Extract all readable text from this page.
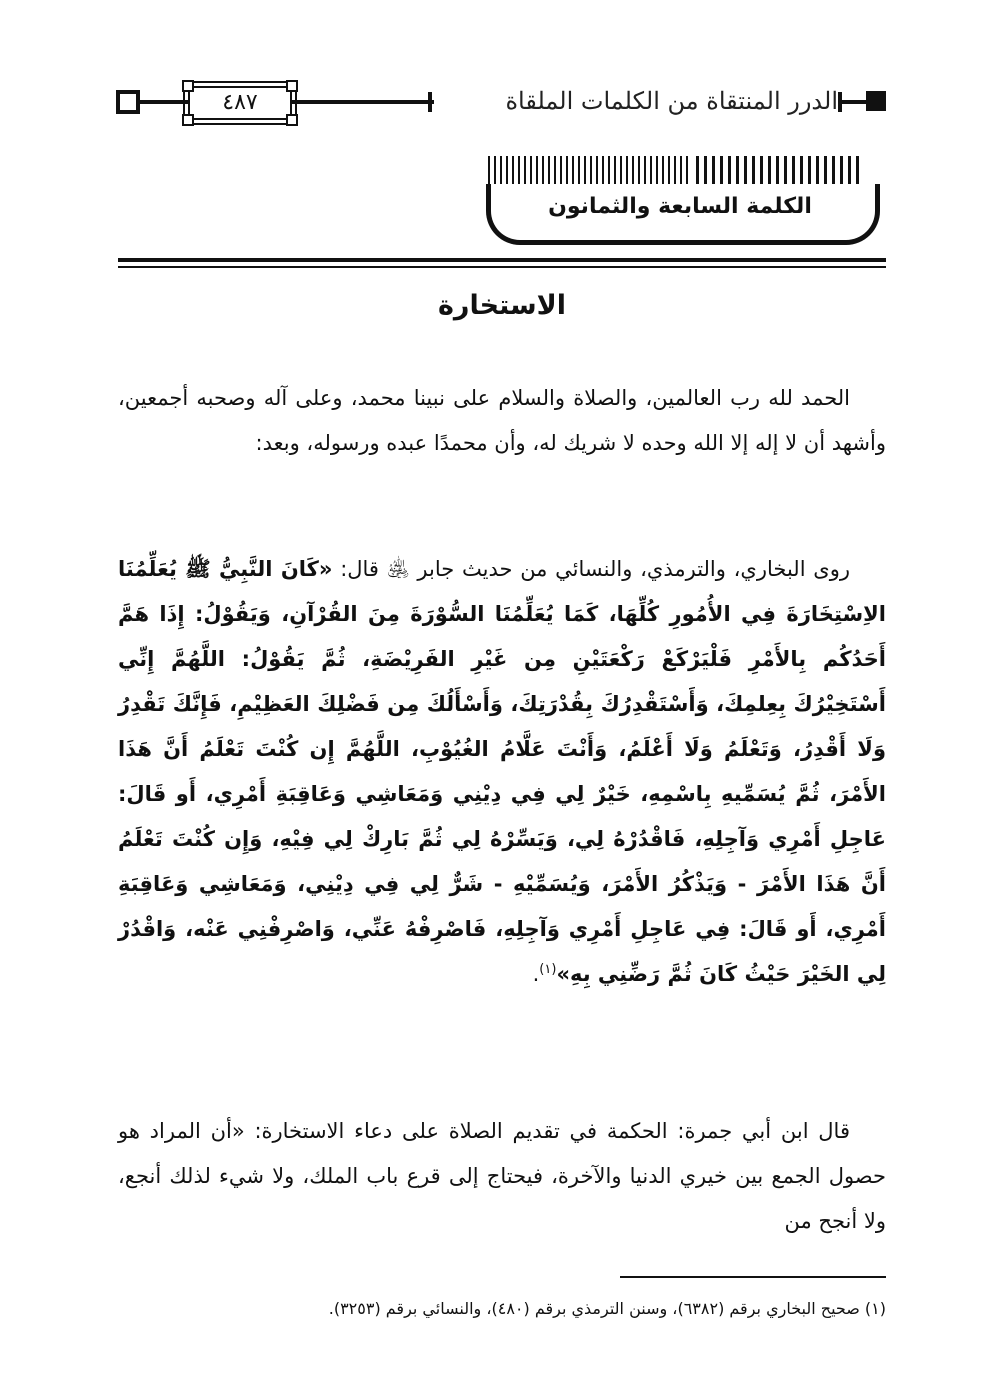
٤٨٧	الدرر المنتقاة من الكلمات الملقاة
الكلمة السابعة والثمانون
الاستخارة

الحمد لله رب العالمين، والصلاة والسلام على نبينا محمد، وعلى آله وصحبه أجمعين، وأشهد أن لا إله إلا الله وحده لا شريك له، وأن محمدًا عبده ورسوله، وبعد:

روى البخاري، والترمذي، والنسائي من حديث جابر ﵁ قال: «كَانَ النَّبِيُّ ﷺ يُعَلِّمُنَا الاِسْتِخَارَةَ فِي الأُمُورِ كُلِّهَا، كَمَا يُعَلِّمُنَا السُّوْرَةَ مِنَ القُرْآنِ، وَيَقُوْلُ: إِذَا هَمَّ أَحَدُكُم بِالأَمْرِ فَلْيَرْكَعْ رَكْعَتَيْنِ مِن غَيْرِ الفَرِيْضَةِ، ثُمَّ يَقُوْلُ: اللَّهُمَّ إِنِّي أَسْتَخِيْرُكَ بِعِلمِكَ، وَأَسْتَقْدِرُكَ بِقُدْرَتِكَ، وَأَسْأَلُكَ مِن فَضْلِكَ العَظِيْمِ، فَإِنَّكَ تَقْدِرُ وَلَا أَقْدِرُ، وَتَعْلَمُ وَلَا أَعْلَمُ، وَأَنْتَ عَلَّامُ الغُيُوْبِ، اللَّهُمَّ إِن كُنْتَ تَعْلَمُ أَنَّ هَذَا الأَمْرَ، ثُمَّ يُسَمِّيهِ بِاسْمِهِ، خَيْرٌ لِي فِي دِيْنِي وَمَعَاشِي وَعَاقِبَةِ أَمْرِي، أَو قَالَ: عَاجِلِ أَمْرِي وَآجِلِهِ، فَاقْدُرْهُ لِي، وَيَسِّرْهُ لِي ثُمَّ بَارِكْ لِي فِيْهِ، وَإِن كُنْتَ تَعْلَمُ أَنَّ هَذَا الأَمْرَ - وَيَذْكُرُ الأَمْرَ، وَيُسَمِّيْهِ - شَرٌّ لِي فِي دِيْنِي، وَمَعَاشِي وَعَاقِبَةِ أَمْرِي، أَو قَالَ: فِي عَاجِلِ أَمْرِي وَآجِلِهِ، فَاصْرِفْهُ عَنِّي، وَاصْرِفْنِي عَنْه، وَاقْدُرْ لِي الخَيْرَ حَيْثُ كَانَ ثُمَّ رَضِّنِي بِهِ»$^{(١)}$.

قال ابن أبي جمرة: الحكمة في تقديم الصلاة على دعاء الاستخارة: «أن المراد هو حصول الجمع بين خيري الدنيا والآخرة، فيحتاج إلى قرع باب الملك، ولا شيء لذلك أنجع، ولا أنجح من

(١) صحيح البخاري برقم (٦٣٨٢)، وسنن الترمذي برقم (٤٨٠)، والنسائي برقم (٣٢٥٣).
